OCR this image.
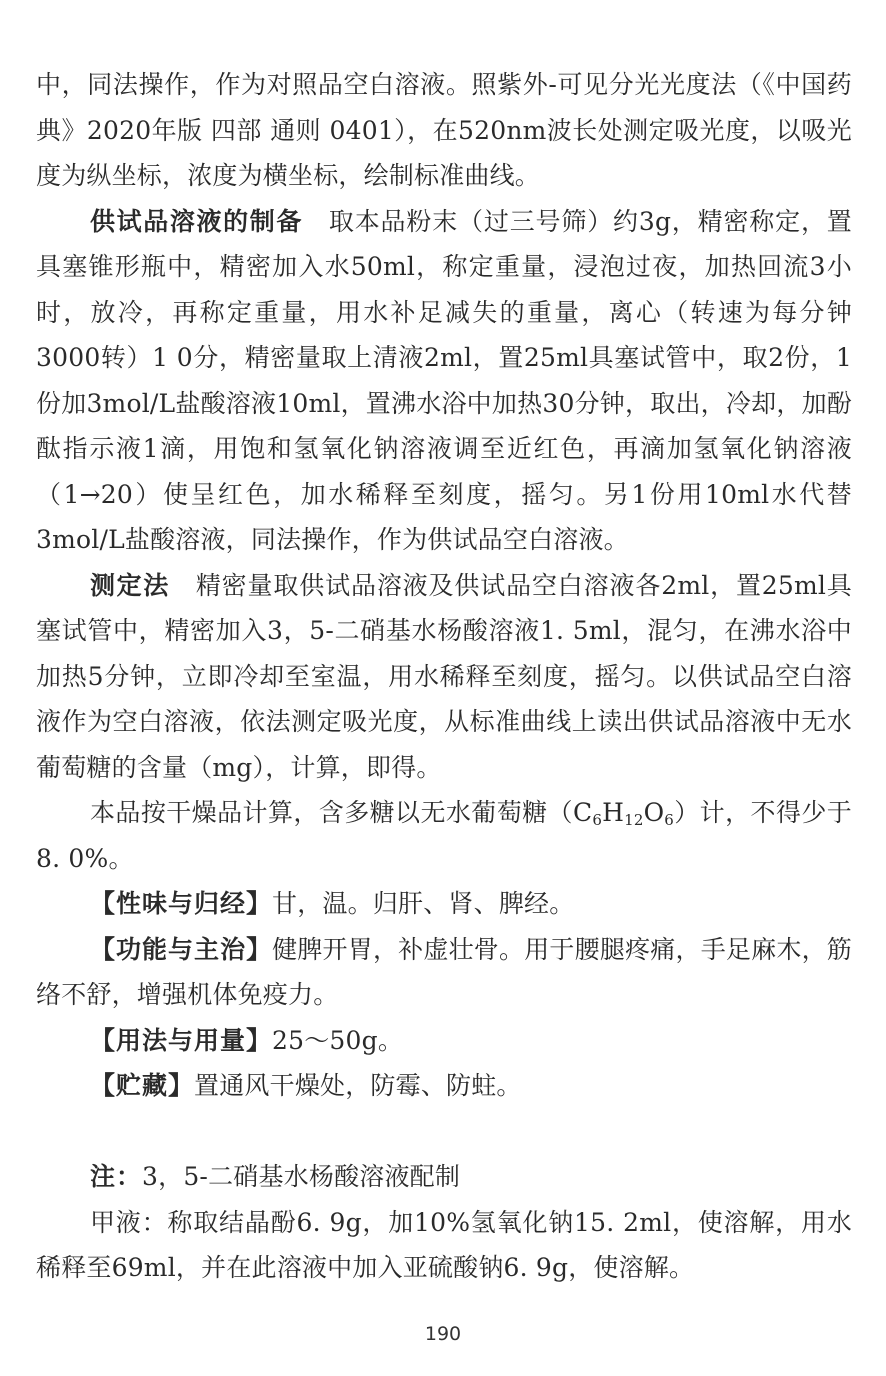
中，同法操作，作为对照品空白溶液。照紫外-可见分光光度法（《中国药典》2020年版 四部 通则 0401），在520nm波长处测定吸光度，以吸光度为纵坐标，浓度为横坐标，绘制标准曲线。

供试品溶液的制备　 取本品粉末（过三号筛）约3g，精密称定，置具塞锥形瓶中，精密加入水50ml，称定重量，浸泡过夜，加热回流3小时，放冷，再称定重量，用水补足减失的重量，离心（转速为每分钟3000转）1 0分，精密量取上清液2ml，置25ml具塞试管中，取2份，1份加3mol/L盐酸溶液10ml，置沸水浴中加热30分钟，取出，冷却，加酚酞指示液1滴，用饱和氢氧化钠溶液调至近红色，再滴加氢氧化钠溶液（1→20）使呈红色，加水稀释至刻度，摇匀。另1份用10ml水代替3mol/L盐酸溶液，同法操作，作为供试品空白溶液。

测定法　 精密量取供试品溶液及供试品空白溶液各2ml，置25ml具塞试管中，精密加入3，5-二硝基水杨酸溶液1. 5ml，混匀，在沸水浴中加热5分钟，立即冷却至室温，用水稀释至刻度，摇匀。以供试品空白溶液作为空白溶液，依法测定吸光度，从标准曲线上读出供试品溶液中无水葡萄糖的含量（mg），计算，即得。

本品按干燥品计算，含多糖以无水葡萄糖$(C_6H_{12}O_6)$计，不得少于8. 0%。

【性味与归经】甘，温。归肝、肾、脾经。

【功能与主治】健脾开胃，补虚壮骨。用于腰腿疼痛，手足麻木，筋络不舒，增强机体免疫力。

【用法与用量】25～50g。

【贮藏】置通风干燥处，防霉、防蛀。

注：3，5-二硝基水杨酸溶液配制

甲液：称取结晶酚6. 9g，加10%氢氧化钠15. 2ml，使溶解，用水稀释至69ml，并在此溶液中加入亚硫酸钠6. 9g，使溶解。

190
